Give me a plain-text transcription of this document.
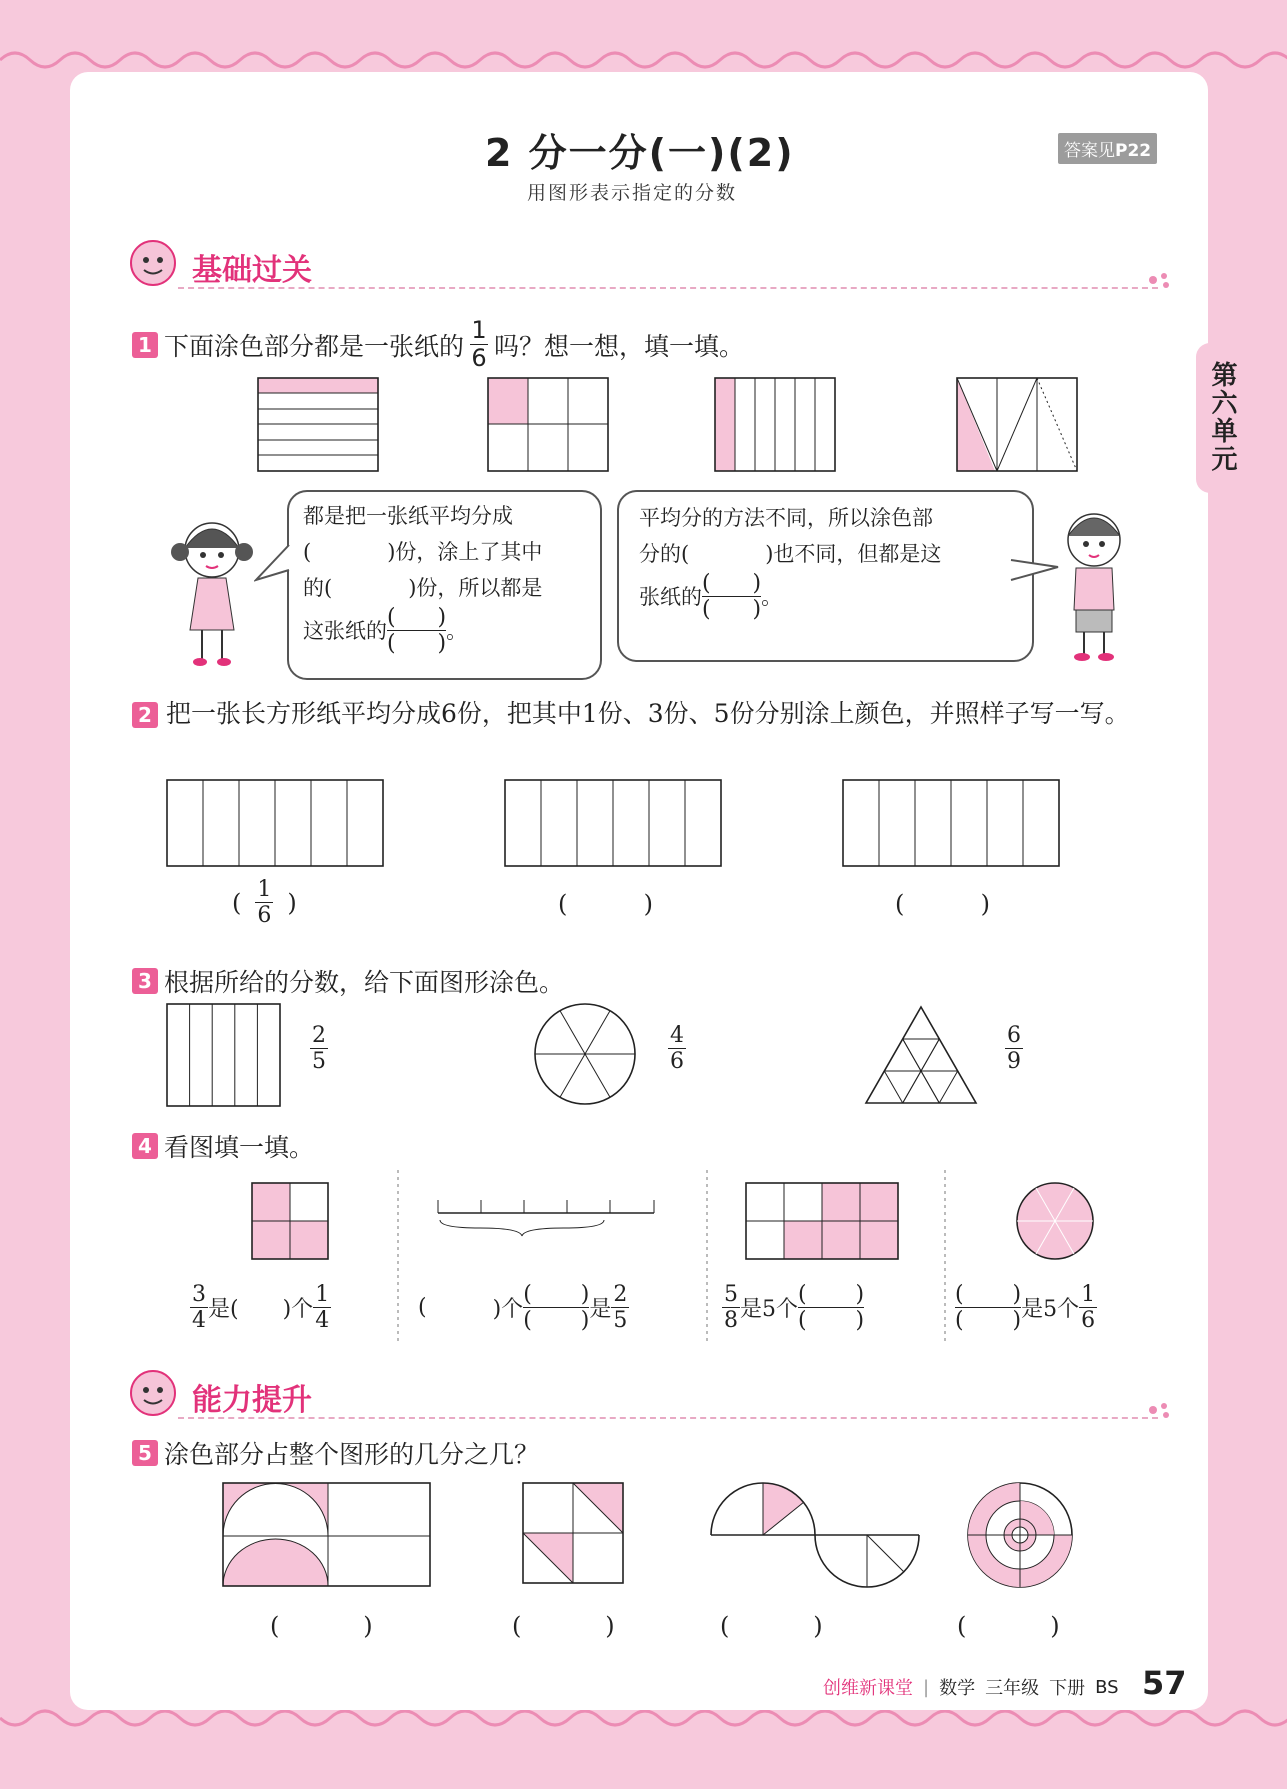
2 分一分(一)(2)
用图形表示指定的分数
答案见P22
第六单元
基础过关
1 下面涂色部分都是一张纸的 $\frac{1}{6}$ 吗？想一想，填一填。
都是把一张纸平均分成
(	)份，涂上了其中
的(	)份，所以都是
这张纸的 $\frac{( )}{( )}$ 。
平均分的方法不同，所以涂色部
分的(	)也不同，但都是这
张纸的 $\frac{( )}{( )}$ 。
2 把一张长方形纸平均分成6份，把其中1份、3份、5份分别涂上颜色，并照样子写一写。
( $\frac{1}{6}$ )	(          )	(          )
3 根据所给的分数，给下面图形涂色。
2
5
4
6
6
9
4 看图填一填。
$\frac{3}{4}$ 是( )个 $\frac{1}{4}$	(	)个 $\frac{( )}{( )}$ 是 $\frac{2}{5}$	$\frac{5}{8}$ 是5个 $\frac{( )}{( )}$	$\frac{( )}{( )}$ 是5个 $\frac{1}{6}$
能力提升
5 涂色部分占整个图形的几分之几？
(           )	(           )	(           )	(           )
创维新课堂 | 数学 三年级 下册 BS 57
